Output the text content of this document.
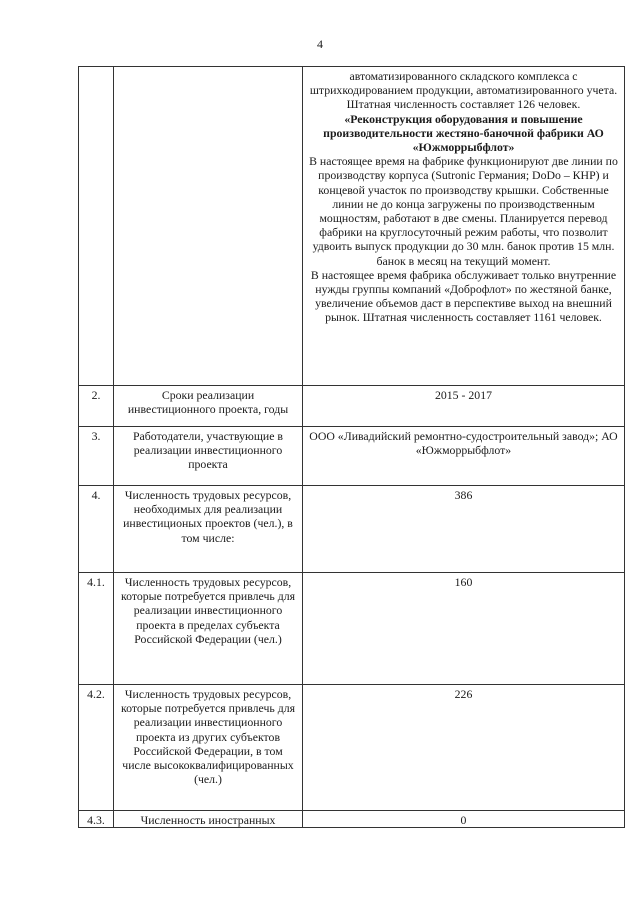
4

		автоматизированного складского комплекса с штрихкодированием продукции, автоматизированного учета.
Штатная численность составляет 126 человек.
«Реконструкция оборудования и повышение производительности жестяно-баночной фабрики АО «Южморрыбфлот»
В настоящее время на фабрике функционируют две линии по производству корпуса (Sutronic Германия; DoDo – КНР) и концевой участок по производству крышки. Собственные линии не до конца загружены по производственным мощностям, работают в две смены. Планируется перевод фабрики на круглосуточный режим работы, что позволит удвоить выпуск продукции до 30 млн. банок против 15 млн. банок в месяц на текущий момент.
В настоящее время фабрика обслуживает только внутренние нужды группы компаний «Доброфлот» по жестяной банке, увеличение объемов даст в перспективе выход на внешний рынок. Штатная численность составляет 1161 человек.

2.	Сроки реализации инвестиционного проекта, годы	2015 - 2017
3.	Работодатели, участвующие в реализации инвестиционного проекта	ООО «Ливадийский ремонтно-судостроительный завод»; АО «Южморрыбфлот»
4.	Численность трудовых ресурсов, необходимых для реализации инвестиционых проектов (чел.), в том числе:	386
4.1.	Численность трудовых ресурсов, которые потребуется привлечь для реализации инвестиционного проекта в пределах субъекта Российской Федерации (чел.)	160
4.2.	Численность трудовых ресурсов, которые потребуется привлечь для реализации инвестиционного проекта из других субъектов Российской Федерации, в том числе высококвалифицированных (чел.)	226
4.3.	Численность иностранных	0
